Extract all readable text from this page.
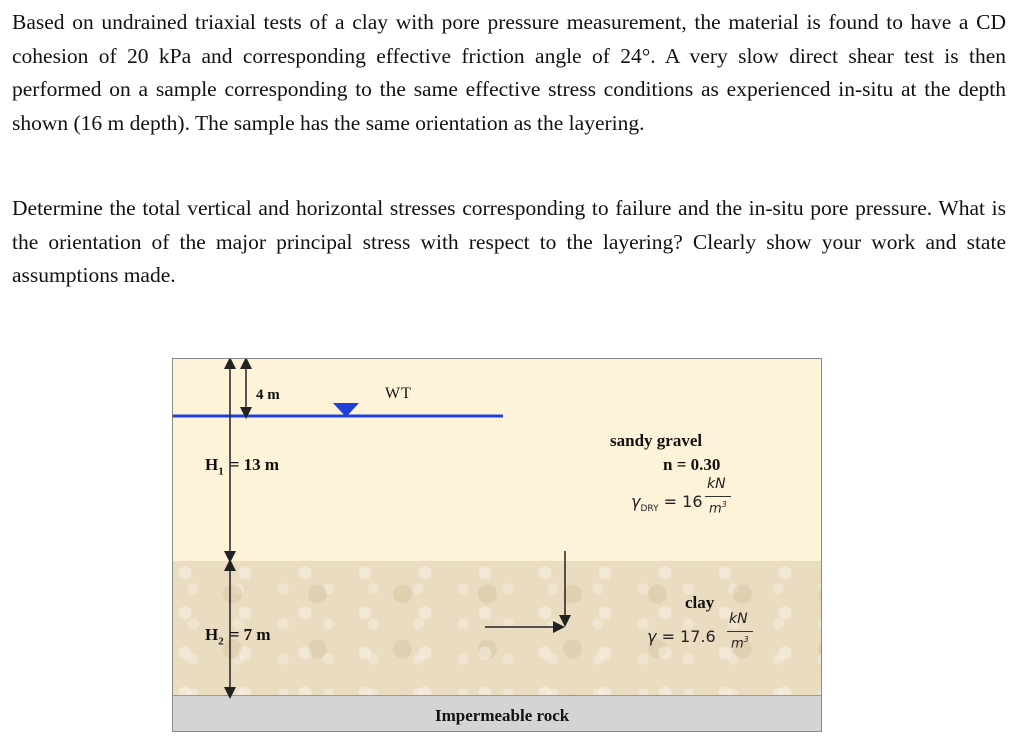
Based on undrained triaxial tests of a clay with pore pressure measurement, the material is found to have a CD cohesion of 20 kPa and corresponding effective friction angle of 24°. A very slow direct shear test is then performed on a sample corresponding to the same effective stress conditions as experienced in-situ at the depth shown (16 m depth). The sample has the same orientation as the layering.

Determine the total vertical and horizontal stresses corresponding to failure and the in-situ pore pressure. What is the orientation of the major principal stress with respect to the layering? Clearly show your work and state assumptions made.

4 m	WT
$H_1 = 13$ m
$H_2 = 7$ m
sandy gravel
n = 0.30
$\gamma_{DRY} = 16$
kN
$m^3$
clay
γ = 17.6
kN
$m^3$
Impermeable rock
